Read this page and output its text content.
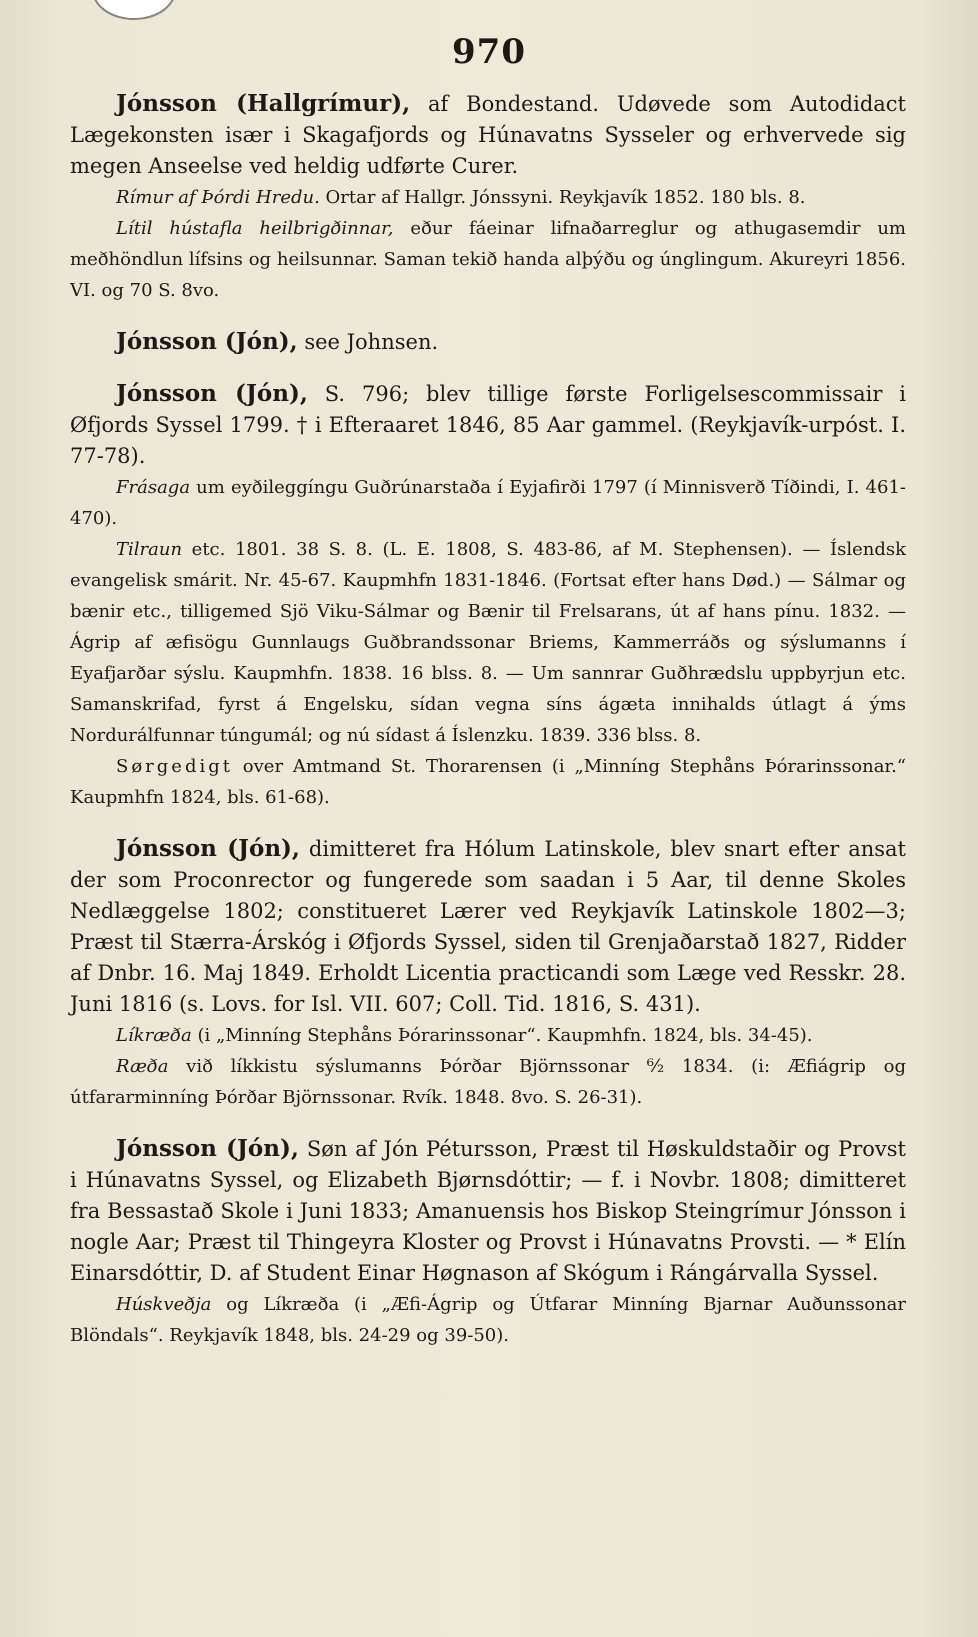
970

Jónsson (Hallgrímur), af Bondestand. Udøvede som Autodidact Lægekonsten især i Skagafjords og Húnavatns Sysseler og erhvervede sig megen Anseelse ved heldig udførte Curer.

Rímur af Þórdi Hredu. Ortar af Hallgr. Jónssyni. Reykjavík 1852. 180 bls. 8.

Lítil hústafla heilbrigðinnar, eður fáeinar lifnaðarreglur og athugasemdir um meðhöndlun lífsins og heilsunnar. Saman tekið handa alþýðu og únglingum. Akureyri 1856. VI. og 70 S. 8vo.

Jónsson (Jón), see Johnsen.

Jónsson (Jón), S. 796; blev tillige første Forligelsescommissair i Øfjords Syssel 1799. † i Efteraaret 1846, 85 Aar gammel. (Reykjavík-urpóst. I. 77-78).

Frásaga um eyðileggíngu Guðrúnarstaða í Eyjafirði 1797 (í Minnisverð Tíðindi, I. 461-470).

Tilraun etc. 1801. 38 S. 8. (L. E. 1808, S. 483-86, af M. Stephensen). — Íslendsk evangelisk smárit. Nr. 45-67. Kaupmhfn 1831-1846. (Fortsat efter hans Død.) — Sálmar og bænir etc., tilligemed Sjö Viku-Sálmar og Bænir til Frelsarans, út af hans pínu. 1832. — Ágrip af æfisögu Gunnlaugs Guðbrandssonar Briems, Kammerráðs og sýslumanns í Eyafjarðar sýslu. Kaupmhfn. 1838. 16 blss. 8. — Um sannrar Guðhrædslu uppbyrjun etc. Samanskrifad, fyrst á Engelsku, sídan vegna síns ágæta innihalds útlagt á ýms Nordurálfunnar túngumál; og nú sídast á Íslenzku. 1839. 336 blss. 8.

Sørgedigt over Amtmand St. Thorarensen (i „Minníng Stephåns Þórarinssonar.“ Kaupmhfn 1824, bls. 61-68).

Jónsson (Jón), dimitteret fra Hólum Latinskole, blev snart efter ansat der som Proconrector og fungerede som saadan i 5 Aar, til denne Skoles Nedlæggelse 1802; constitueret Lærer ved Reykjavík Latinskole 1802—3; Præst til Stærra-Árskóg i Øfjords Syssel, siden til Grenjaðarstað 1827, Ridder af Dnbr. 16. Maj 1849. Erholdt Licentia practicandi som Læge ved Resskr. 28. Juni 1816 (s. Lovs. for Isl. VII. 607; Coll. Tid. 1816, S. 431).

Líkræða (i „Minníng Stephåns Þórarinssonar“. Kaupmhfn. 1824, bls. 34-45).

Ræða við líkkistu sýslumanns Þórðar Björnssonar ⁶⁄₂ 1834. (i: Æfiágrip og útfararminníng Þórðar Björnssonar. Rvík. 1848. 8vo. S. 26-31).

Jónsson (Jón), Søn af Jón Pétursson, Præst til Høskuldstaðir og Provst i Húnavatns Syssel, og Elizabeth Bjørnsdóttir; — f. i Novbr. 1808; dimitteret fra Bessastað Skole i Juni 1833; Amanuensis hos Biskop Steingrímur Jónsson i nogle Aar; Præst til Thingeyra Kloster og Provst i Húnavatns Provsti. — * Elín Einarsdóttir, D. af Student Einar Høgnason af Skógum i Rángárvalla Syssel.

Húskveðja og Líkræða (i „Æfi-Ágrip og Útfarar Minníng Bjarnar Auðunssonar Blöndals“. Reykjavík 1848, bls. 24-29 og 39-50).
